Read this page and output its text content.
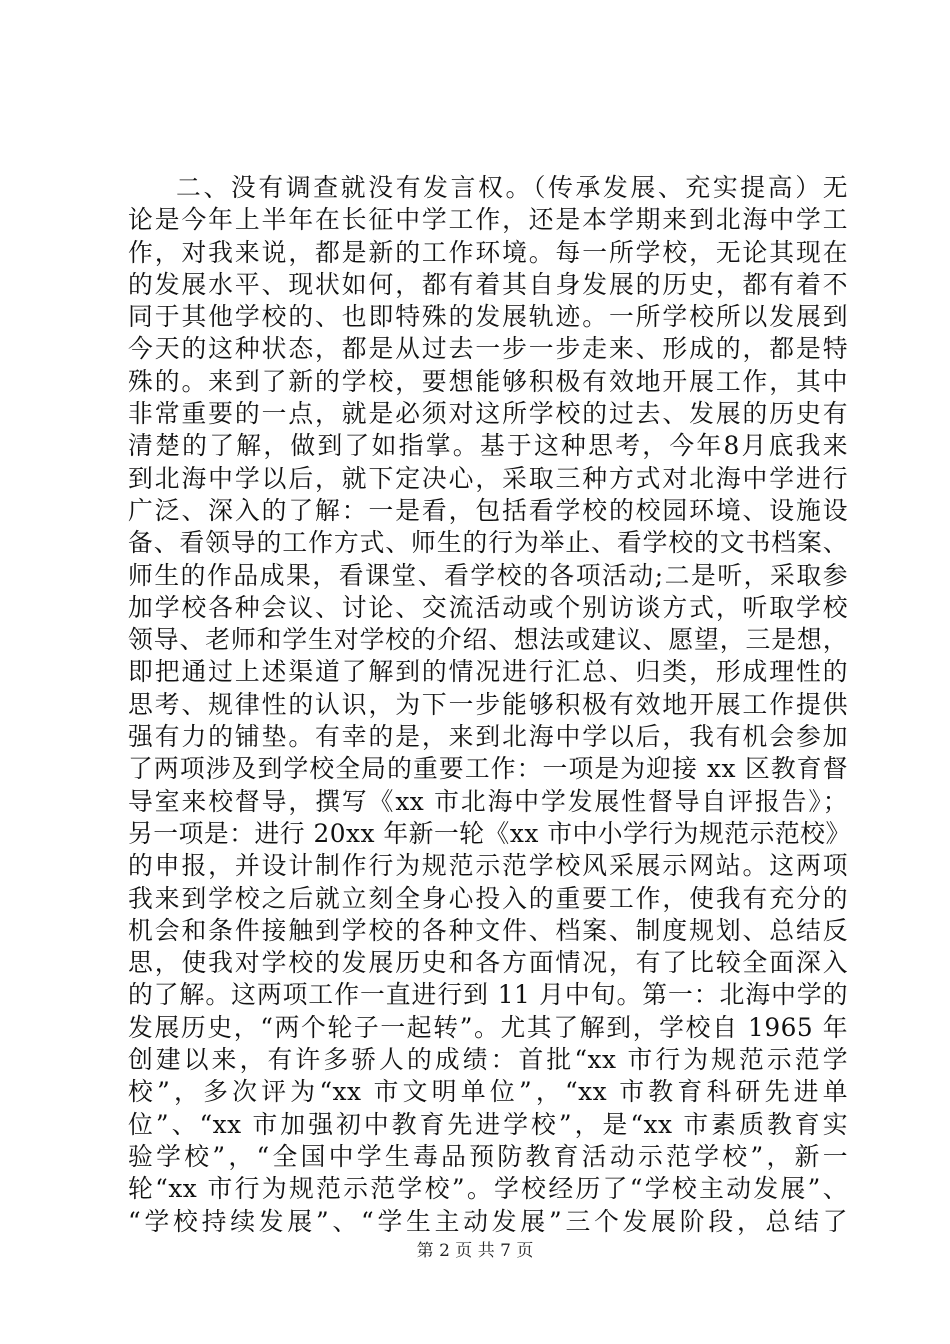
二、没有调查就没有发言权。（传承发展、充实提高）无
论是今年上半年在长征中学工作，还是本学期来到北海中学工
作，对我来说，都是新的工作环境。每一所学校，无论其现在
的发展水平、现状如何，都有着其自身发展的历史，都有着不
同于其他学校的、也即特殊的发展轨迹。一所学校所以发展到
今天的这种状态，都是从过去一步一步走来、形成的，都是特
殊的。来到了新的学校，要想能够积极有效地开展工作，其中
非常重要的一点，就是必须对这所学校的过去、发展的历史有
清楚的了解，做到了如指掌。基于这种思考，今年8月底我来
到北海中学以后，就下定决心，采取三种方式对北海中学进行
广泛、深入的了解：一是看，包括看学校的校园环境、设施设
备、看领导的工作方式、师生的行为举止、看学校的文书档案、
师生的作品成果，看课堂、看学校的各项活动;二是听，采取参
加学校各种会议、讨论、交流活动或个别访谈方式，听取学校
领导、老师和学生对学校的介绍、想法或建议、愿望，三是想，
即把通过上述渠道了解到的情况进行汇总、归类，形成理性的
思考、规律性的认识，为下一步能够积极有效地开展工作提供
强有力的铺垫。有幸的是，来到北海中学以后，我有机会参加
了两项涉及到学校全局的重要工作：一项是为迎接 xx 区教育督
导室来校督导，撰写《xx 市北海中学发展性督导自评报告》；
另一项是：进行 20xx 年新一轮《xx 市中小学行为规范示范校》
的申报，并设计制作行为规范示范学校风采展示网站。这两项
我来到学校之后就立刻全身心投入的重要工作，使我有充分的
机会和条件接触到学校的各种文件、档案、制度规划、总结反
思，使我对学校的发展历史和各方面情况，有了比较全面深入
的了解。这两项工作一直进行到 11 月中旬。第一：北海中学的
发展历史，“两个轮子一起转”。尤其了解到，学校自 1965 年
创建以来，有许多骄人的成绩：首批“xx 市行为规范示范学
校”，多次评为“xx 市文明单位”，“xx 市教育科研先进单
位”、“xx 市加强初中教育先进学校”，是“xx 市素质教育实
验学校”，“全国中学生毒品预防教育活动示范学校”，新一
轮“xx 市行为规范示范学校”。学校经历了“学校主动发展”、
“学校持续发展”、“学生主动发展”三个发展阶段，总结了
第 2 页 共 7 页
